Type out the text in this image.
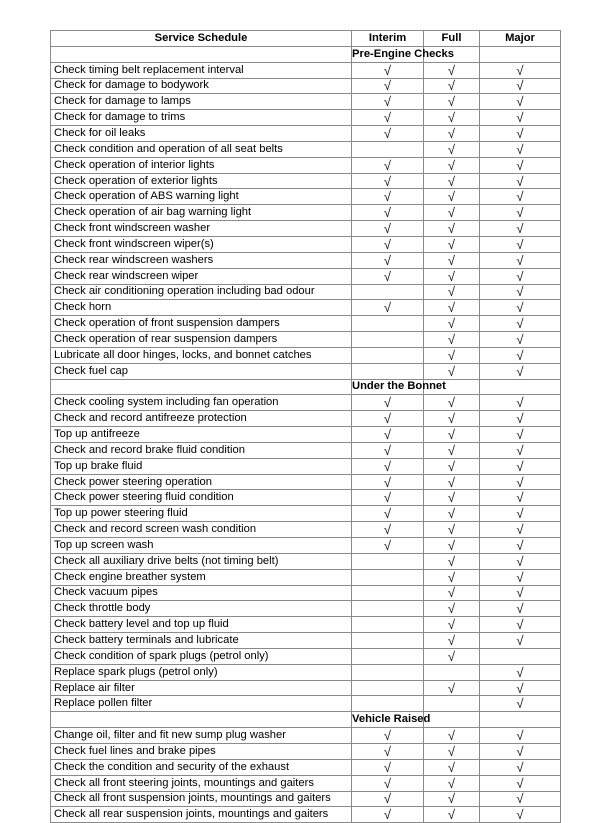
Service Schedule	Interim	Full	Major
	Pre-Engine Checks		
Check timing belt replacement interval	√	√	√
Check for damage to bodywork	√	√	√
Check for damage to lamps	√	√	√
Check for damage to trims	√	√	√
Check for oil leaks	√	√	√
Check condition and operation of all seat belts		√	√
Check operation of interior lights	√	√	√
Check operation of exterior lights	√	√	√
Check operation of ABS warning light	√	√	√
Check operation of air bag warning light	√	√	√
Check front windscreen washer	√	√	√
Check front windscreen wiper(s)	√	√	√
Check rear windscreen washers	√	√	√
Check rear windscreen wiper	√	√	√
Check air conditioning operation including bad odour		√	√
Check horn	√	√	√
Check operation of front suspension dampers		√	√
Check operation of rear suspension dampers		√	√
Lubricate all door hinges, locks, and bonnet catches		√	√
Check fuel cap		√	√
	Under the Bonnet		
Check cooling system including fan operation	√	√	√
Check and record antifreeze protection	√	√	√
Top up antifreeze	√	√	√
Check and record brake fluid condition	√	√	√
Top up brake fluid	√	√	√
Check power steering operation	√	√	√
Check power steering fluid condition	√	√	√
Top up power steering fluid	√	√	√
Check and record screen wash condition	√	√	√
Top up screen wash	√	√	√
Check all auxiliary drive belts (not timing belt)		√	√
Check engine breather system		√	√
Check vacuum pipes		√	√
Check throttle body		√	√
Check battery level and top up fluid		√	√
Check battery terminals and lubricate		√	√
Check condition of spark plugs (petrol only)		√	
Replace spark plugs (petrol only)			√
Replace air filter		√	√
Replace pollen filter			√
	Vehicle Raised		
Change oil, filter and fit new sump plug washer	√	√	√
Check fuel lines and brake pipes	√	√	√
Check the condition and security of the exhaust	√	√	√
Check all front steering joints, mountings and gaiters	√	√	√
Check all front suspension joints, mountings and gaiters	√	√	√
Check all rear suspension joints, mountings and gaiters	√	√	√
